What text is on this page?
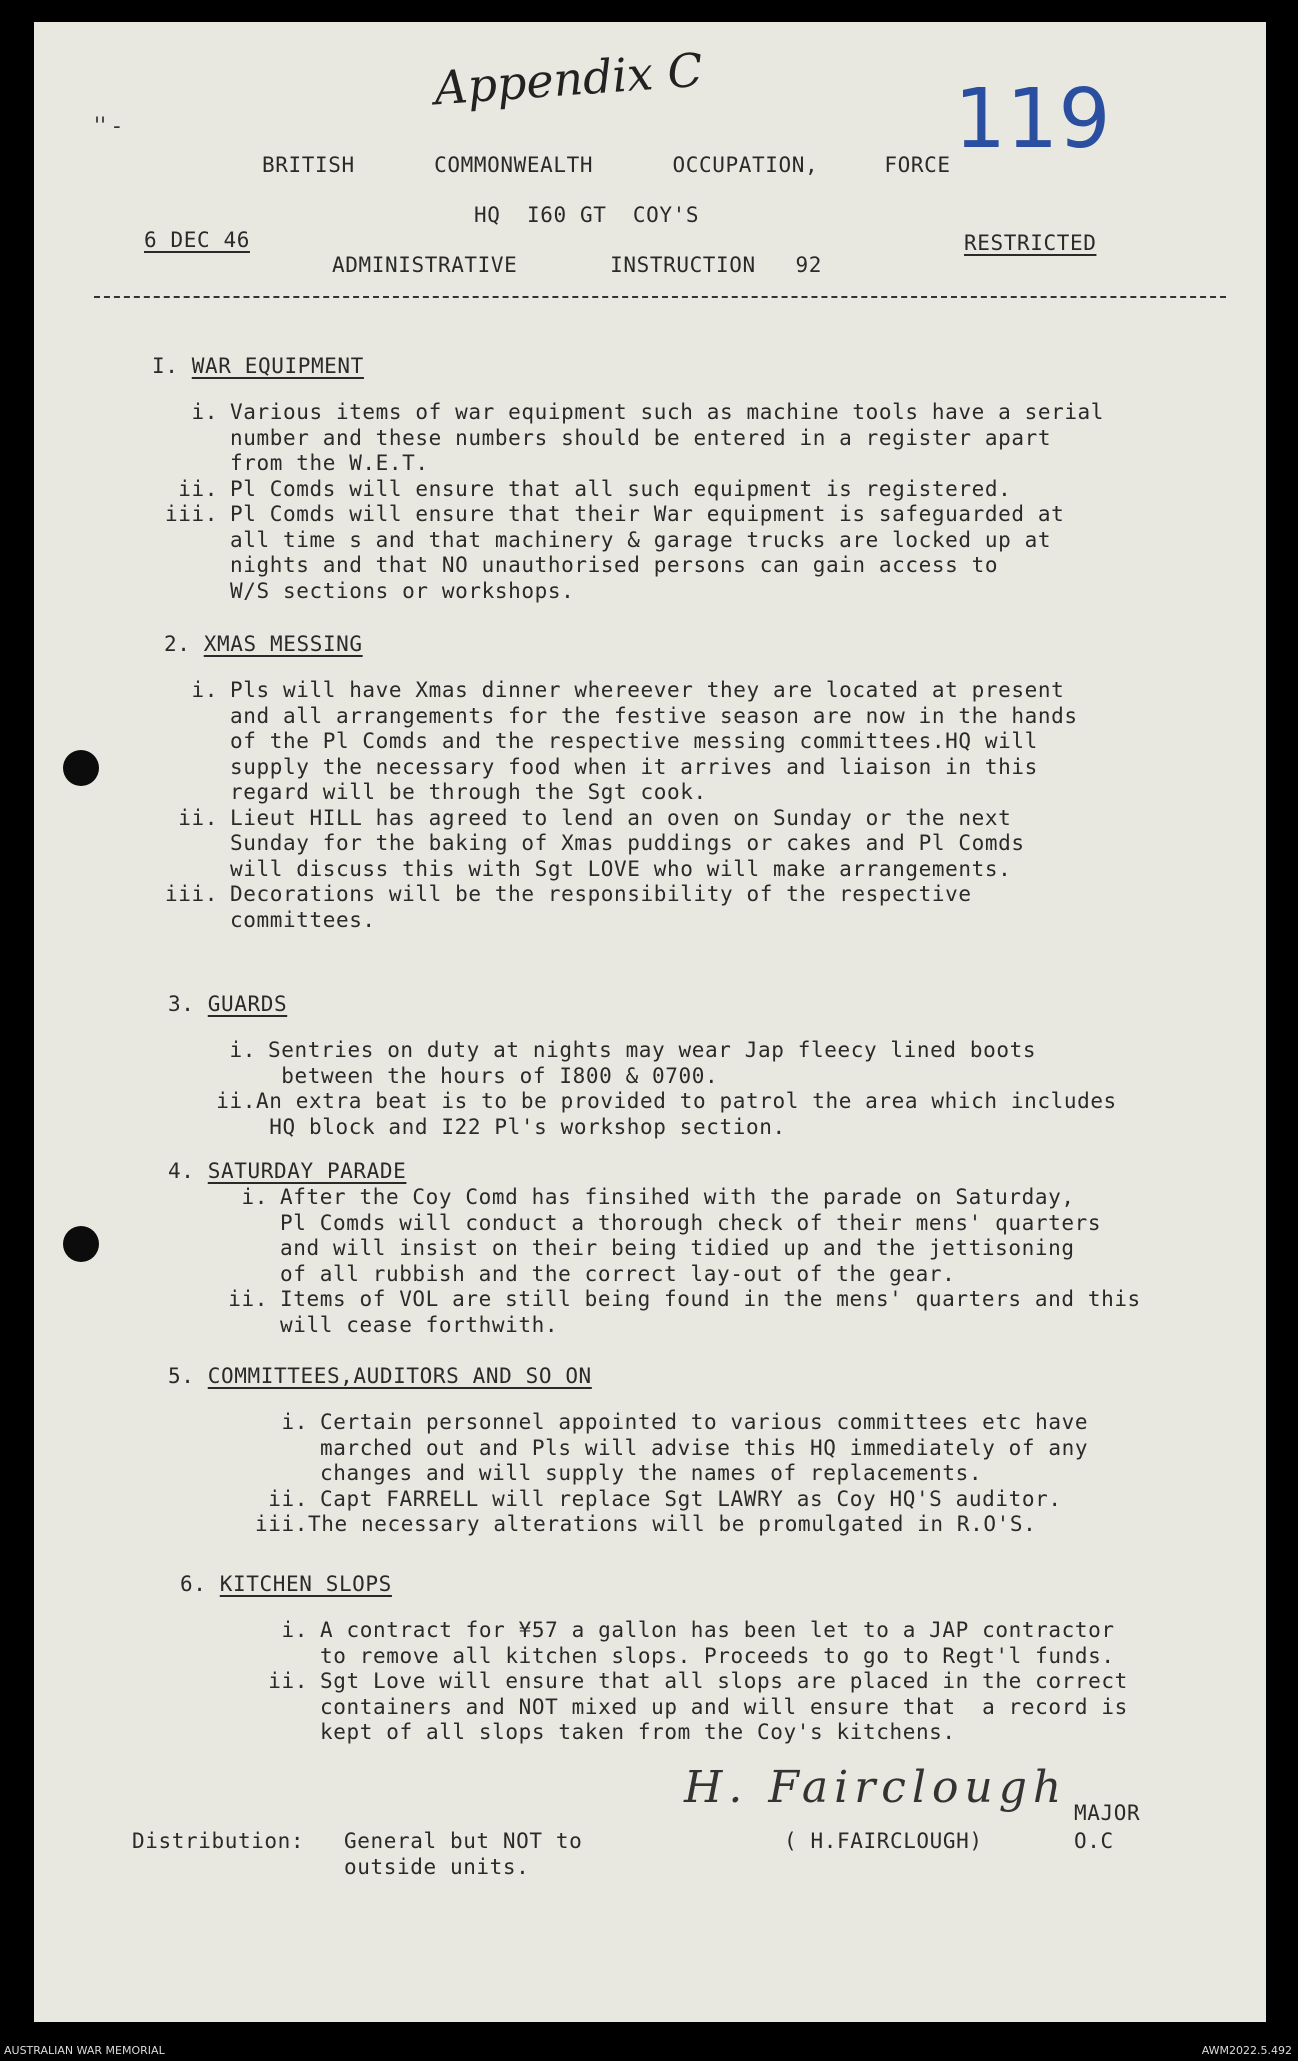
Appendix C	119
'' -
BRITISH      COMMONWEALTH      OCCUPATION,     FORCE
HQ  I60 GT  COY'S
6 DEC 46
ADMINISTRATIVE       INSTRUCTION   92
RESTRICTED
I. WAR EQUIPMENT
i. Various items of war equipment such as machine tools have a serial
number and these numbers should be entered in a register apart
from the W.E.T.
ii. Pl Comds will ensure that all such equipment is registered.
iii. Pl Comds will ensure that their War equipment is safeguarded at
all time s and that machinery & garage trucks are locked up at
nights and that NO unauthorised persons can gain access to
W/S sections or workshops.
2. XMAS MESSING
i. Pls will have Xmas dinner whereever they are located at present
and all arrangements for the festive season are now in the hands
of the Pl Comds and the respective messing committees.HQ will
supply the necessary food when it arrives and liaison in this
regard will be through the Sgt cook.
ii. Lieut HILL has agreed to lend an oven on Sunday or the next
Sunday for the baking of Xmas puddings or cakes and Pl Comds
will discuss this with Sgt LOVE who will make arrangements.
iii. Decorations will be the responsibility of the respective
committees.
3. GUARDS
i. Sentries on duty at nights may wear Jap fleecy lined boots
between the hours of I800 & 0700.
ii. An extra beat is to be provided to patrol the area which includes
HQ block and I22 Pl's workshop section.
4. SATURDAY PARADE
i. After the Coy Comd has finsihed with the parade on Saturday,
Pl Comds will conduct a thorough check of their mens' quarters
and will insist on their being tidied up and the jettisoning
of all rubbish and the correct lay-out of the gear.
ii. Items of VOL are still being found in the mens' quarters and this
will cease forthwith.
5. COMMITTEES,AUDITORS AND SO ON
i. Certain personnel appointed to various committees etc have
marched out and Pls will advise this HQ immediately of any
changes and will supply the names of replacements.
ii. Capt FARRELL will replace Sgt LAWRY as Coy HQ'S auditor.
iii. The necessary alterations will be promulgated in R.O'S.
6. KITCHEN SLOPS
i. A contract for ¥57 a gallon has been let to a JAP contractor
to remove all kitchen slops. Proceeds to go to Regt'l funds.
ii. Sgt Love will ensure that all slops are placed in the correct
containers and NOT mixed up and will ensure that  a record is
kept of all slops taken from the Coy's kitchens.
H. Fairclough MAJOR
Distribution: General but NOT to
outside units.
( H.FAIRCLOUGH)	O.C
AUSTRALIAN WAR MEMORIAL	AWM2022.5.492
